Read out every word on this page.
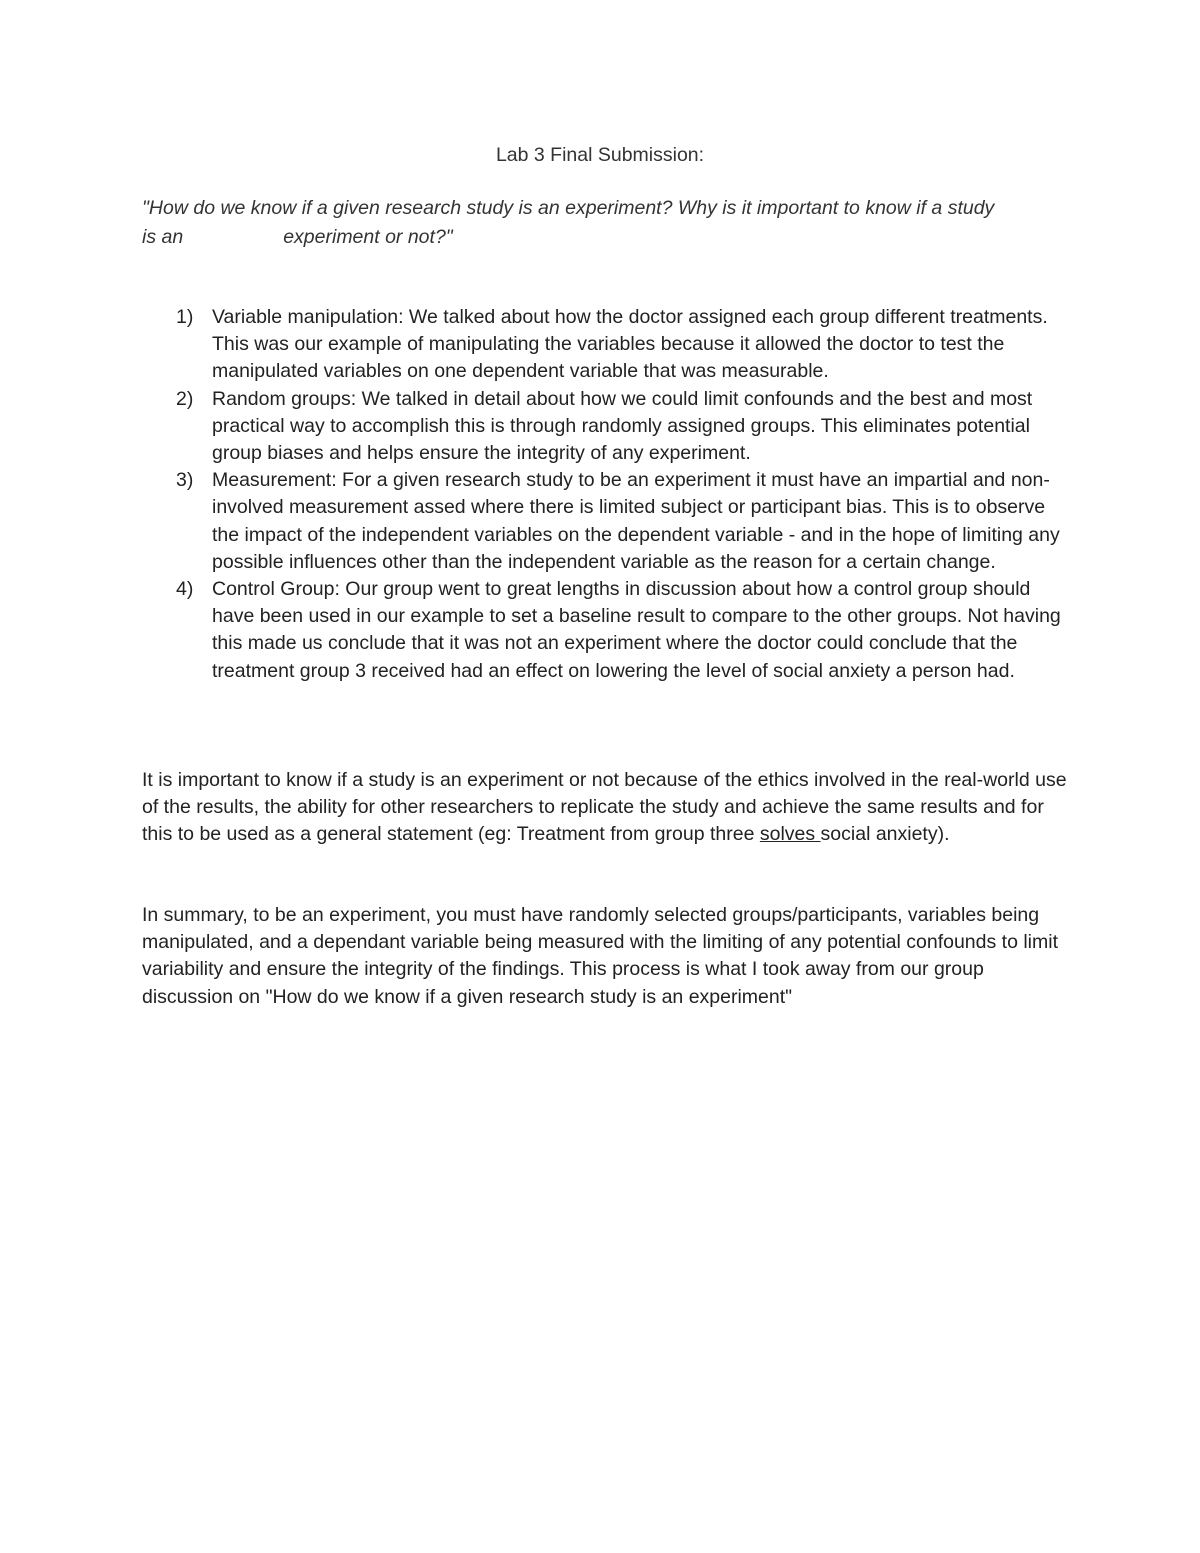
Lab 3 Final Submission:
"How do we know if a given research study is an experiment? Why is it important to know if a study
is an	experiment or not?"
1) Variable manipulation: We talked about how the doctor assigned each group different treatments. This was our example of manipulating the variables because it allowed the doctor to test the manipulated variables on one dependent variable that was measurable.
2) Random groups: We talked in detail about how we could limit confounds and the best and most practical way to accomplish this is through randomly assigned groups. This eliminates potential group biases and helps ensure the integrity of any experiment.
3) Measurement: For a given research study to be an experiment it must have an impartial and non-involved measurement assed where there is limited subject or participant bias. This is to observe the impact of the independent variables on the dependent variable - and in the hope of limiting any possible influences other than the independent variable as the reason for a certain change.
4) Control Group: Our group went to great lengths in discussion about how a control group should have been used in our example to set a baseline result to compare to the other groups. Not having this made us conclude that it was not an experiment where the doctor could conclude that the treatment group 3 received had an effect on lowering the level of social anxiety a person had.

It is important to know if a study is an experiment or not because of the ethics involved in the real-world use of the results, the ability for other researchers to replicate the study and achieve the same results and for this to be used as a general statement (eg: Treatment from group three solves social anxiety).

In summary, to be an experiment, you must have randomly selected groups/participants, variables being manipulated, and a dependant variable being measured with the limiting of any potential confounds to limit variability and ensure the integrity of the findings. This process is what I took away from our group discussion on "How do we know if a given research study is an experiment"
